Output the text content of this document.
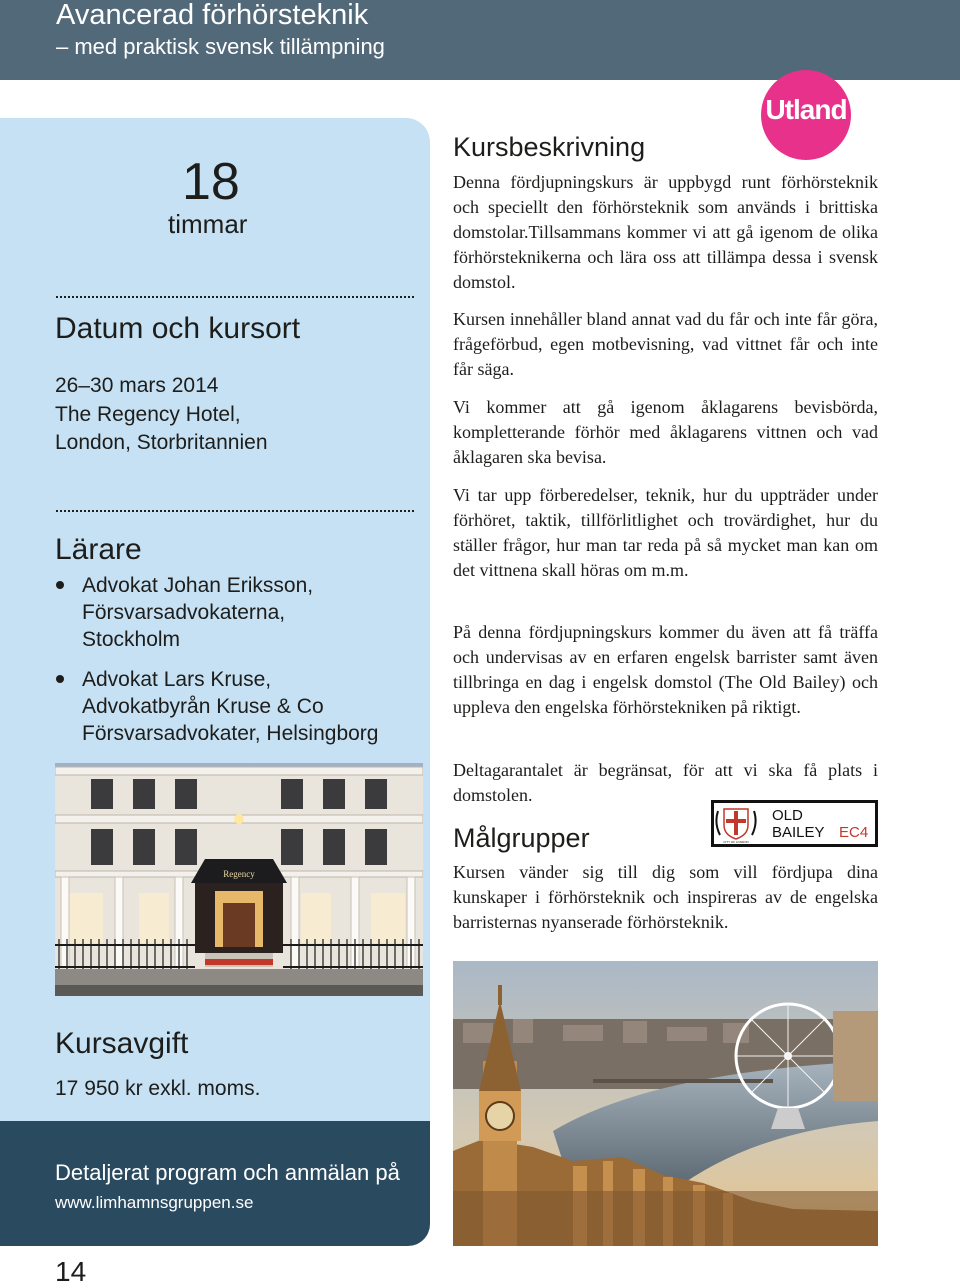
Avancerad förhörsteknik
– med praktisk svensk tillämpning
18
timmar
Datum och kursort
26–30 mars 2014
The Regency Hotel,
London, Storbritannien
Lärare
Advokat Johan Eriksson,
Försvarsadvokaterna,
Stockholm
Advokat Lars Kruse,
Advokatbyrån Kruse & Co
Försvarsadvokater, Helsingborg
Regency
Kursavgift
17 950 kr exkl. moms.
Detaljerat program och anmälan på
www.limhamnsgruppen.se
14
Utland
Kursbeskrivning
Denna fördjupningskurs är uppbygd runt förhörsteknik och speciellt den förhörsteknik som används i brittiska domstolar.Tillsammans kommer vi att gå igenom de olika förhörsteknikerna och lära oss att tillämpa dessa i svensk domstol.
Kursen innehåller bland annat vad du får och inte får göra, frågeförbud, egen motbevisning, vad vittnet får och inte får säga.
Vi kommer att gå igenom åklagarens bevisbörda, kompletterande förhör med åklagarens vittnen och vad åklagaren ska bevisa.
Vi tar upp förberedelser, teknik, hur du uppträder under förhöret, taktik, tillförlitlighet och trovärdighet, hur du ställer frågor, hur man tar reda på så mycket man kan om det vittnena skall höras om m.m.
På denna fördjupningskurs kommer du även att få träffa och undervisas av en erfaren engelsk barrister samt även tillbringa en dag i engelsk domstol (The Old Bailey) och uppleva den engelska förhörstekniken på riktigt.
Deltagarantalet är begränsat, för att vi ska få plats i domstolen.
CITY OF LONDON
OLD
BAILEY EC4
Målgrupper
Kursen vänder sig till dig som vill fördjupa dina kunskaper i förhörsteknik och inspireras av de engelska barristernas nyanserade förhörsteknik.
